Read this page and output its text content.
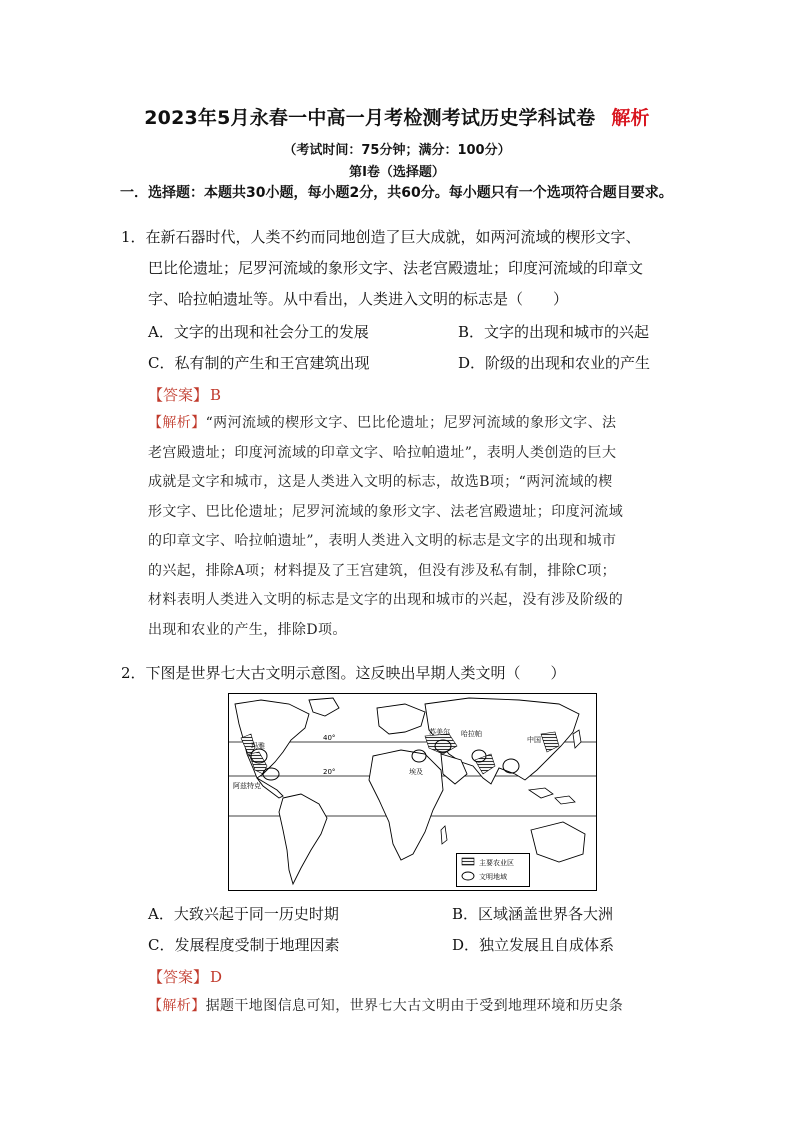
2023年5月永春一中高一月考检测考试历史学科试卷 解析
（考试时间：75分钟；满分：100分）
第I卷（选择题）
一．选择题：本题共30小题，每小题2分，共60分。每小题只有一个选项符合题目要求。
1．在新石器时代，人类不约而同地创造了巨大成就，如两河流域的楔形文字、
巴比伦遗址；尼罗河流域的象形文字、法老宫殿遗址；印度河流域的印章文
字、哈拉帕遗址等。从中看出，人类进入文明的标志是（　　）
A．文字的出现和社会分工的发展	B．文字的出现和城市的兴起
C．私有制的产生和王宫建筑出现	D．阶级的出现和农业的产生
【答案】 B
【解析】“两河流域的楔形文字、巴比伦遗址；尼罗河流域的象形文字、法
老宫殿遗址；印度河流域的印章文字、哈拉帕遗址”，表明人类创造的巨大
成就是文字和城市，这是人类进入文明的标志，故选B项；“两河流域的楔
形文字、巴比伦遗址；尼罗河流域的象形文字、法老宫殿遗址；印度河流域
的印章文字、哈拉帕遗址”，表明人类进入文明的标志是文字的出现和城市
的兴起，排除A项；材料提及了王宫建筑，但没有涉及私有制，排除C项；
材料表明人类进入文明的标志是文字的出现和城市的兴起，没有涉及阶级的
出现和农业的产生，排除D项。
2．下图是世界七大古文明示意图。这反映出早期人类文明（　　）
玛雅
阿兹特克
苏美尔
埃及
哈拉帕
中国
40°
20°
主要农业区
文明地域
A．大致兴起于同一历史时期	B．区域涵盖世界各大洲
C．发展程度受制于地理因素	D．独立发展且自成体系
【答案】 D
【解析】据题干地图信息可知，世界七大古文明由于受到地理环境和历史条
